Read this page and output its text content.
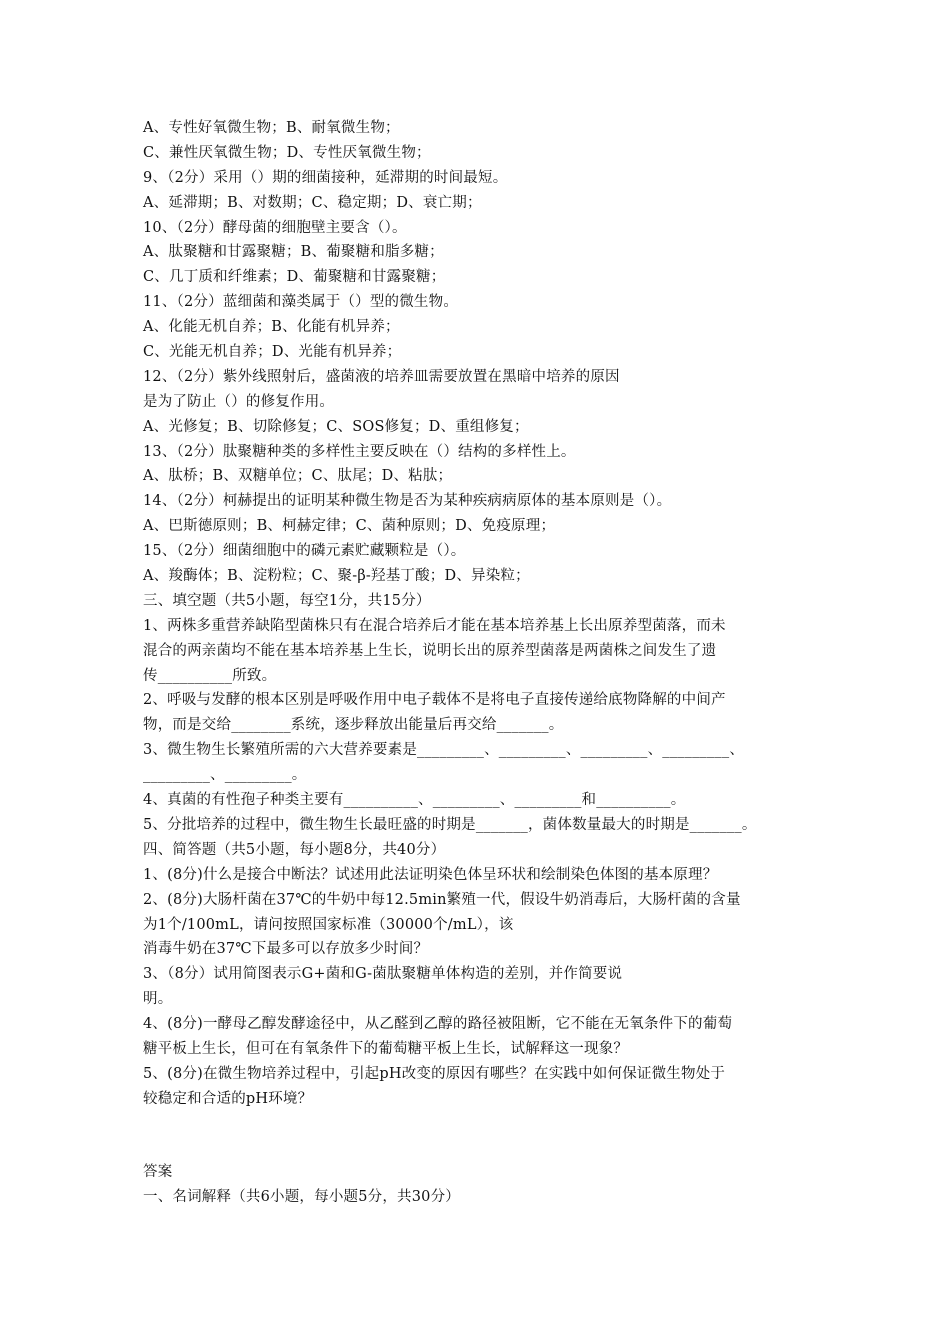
A、专性好氧微生物；B、耐氧微生物；
C、兼性厌氧微生物；D、专性厌氧微生物；
9、（2分）采用（）期的细菌接种，延滞期的时间最短。
A、延滞期；B、对数期；C、稳定期；D、衰亡期；
10、（2分）酵母菌的细胞壁主要含（）。
A、肽聚糖和甘露聚糖；B、葡聚糖和脂多糖；
C、几丁质和纤维素；D、葡聚糖和甘露聚糖；
11、（2分）蓝细菌和藻类属于（）型的微生物。
A、化能无机自养；B、化能有机异养；
C、光能无机自养；D、光能有机异养；
12、（2分）紫外线照射后，盛菌液的培养皿需要放置在黑暗中培养的原因
是为了防止（）的修复作用。
A、光修复；B、切除修复；C、SOS修复；D、重组修复；
13、（2分）肽聚糖种类的多样性主要反映在（）结构的多样性上。
A、肽桥；B、双糖单位；C、肽尾；D、粘肽；
14、（2分）柯赫提出的证明某种微生物是否为某种疾病病原体的基本原则是（）。
A、巴斯德原则；B、柯赫定律；C、菌种原则；D、免疫原理；
15、（2分）细菌细胞中的磷元素贮藏颗粒是（）。
A、羧酶体；B、淀粉粒；C、聚-β-羟基丁酸；D、异染粒；
三、填空题（共5小题，每空1分，共15分）
1、两株多重营养缺陷型菌株只有在混合培养后才能在基本培养基上长出原养型菌落，而未
混合的两亲菌均不能在基本培养基上生长，说明长出的原养型菌落是两菌株之间发生了遗
传__________所致。
2、呼吸与发酵的根本区别是呼吸作用中电子载体不是将电子直接传递给底物降解的中间产
物，而是交给________系统，逐步释放出能量后再交给_______。
3、微生物生长繁殖所需的六大营养要素是_________、_________、_________、_________、
_________、_________。
4、真菌的有性孢子种类主要有__________、_________、_________和__________。
5、分批培养的过程中，微生物生长最旺盛的时期是_______，菌体数量最大的时期是_______。
四、简答题（共5小题，每小题8分，共40分）
1、(8分)什么是接合中断法？试述用此法证明染色体呈环状和绘制染色体图的基本原理？
2、(8分)大肠杆菌在37℃的牛奶中每12.5min繁殖一代，假设牛奶消毒后，大肠杆菌的含量
为1个/100mL，请问按照国家标准（30000个/mL），该
消毒牛奶在37℃下最多可以存放多少时间？
3、（8分）试用简图表示G+菌和G-菌肽聚糖单体构造的差别，并作简要说
明。
4、(8分)一酵母乙醇发酵途径中，从乙醛到乙醇的路径被阻断，它不能在无氧条件下的葡萄
糖平板上生长，但可在有氧条件下的葡萄糖平板上生长，试解释这一现象？
5、(8分)在微生物培养过程中，引起pH改变的原因有哪些？在实践中如何保证微生物处于
较稳定和合适的pH环境？
答案
一、名词解释（共6小题，每小题5分，共30分）
